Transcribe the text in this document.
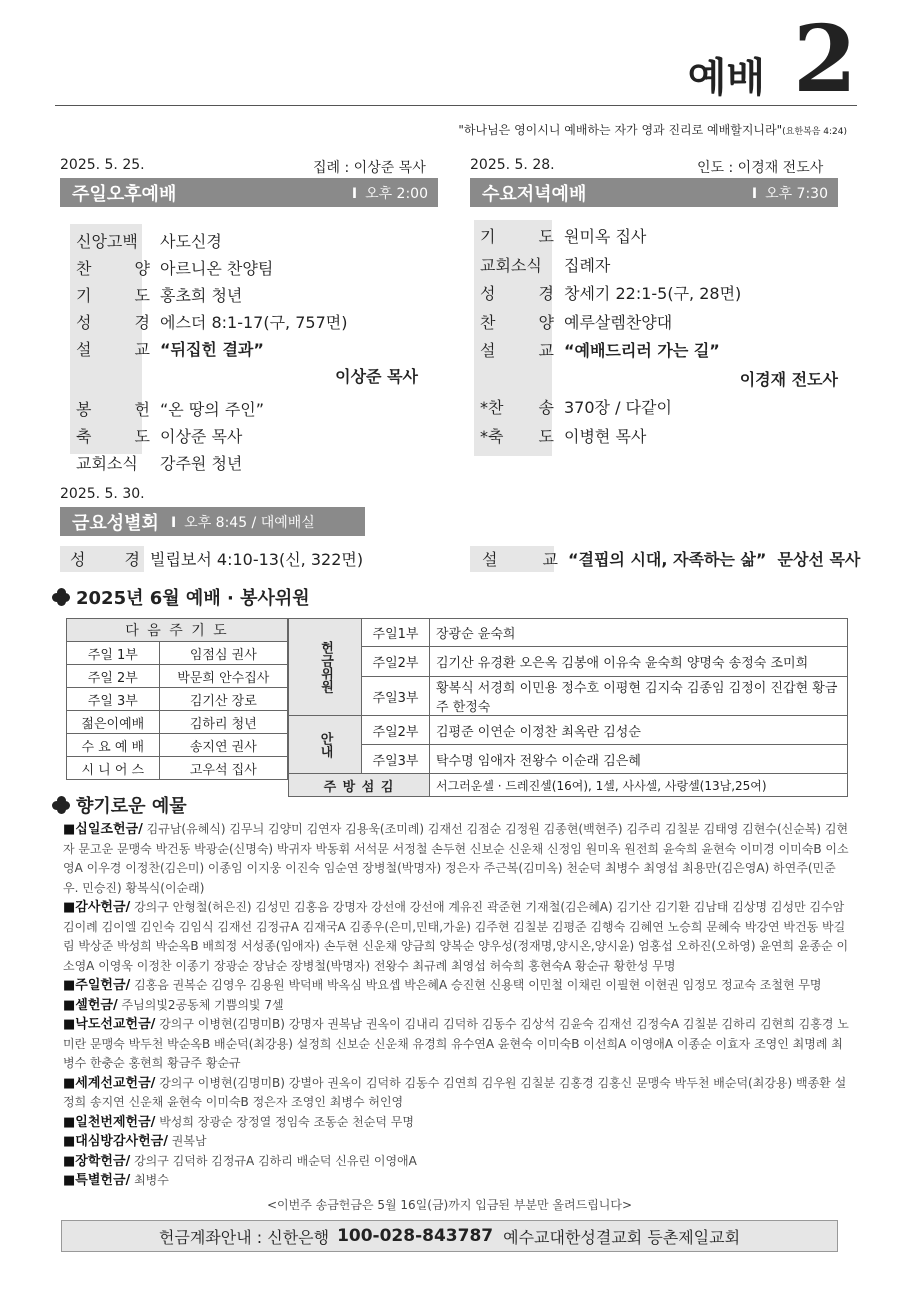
예배 2
"하나님은 영이시니 예배하는 자가 영과 진리로 예배할지니라"(요한복음 4:24)
2025. 5. 25.	집례 : 이상준 목사
주일오후예배	I 오후 2:00
신앙고백	사도신경
찬 양 아르니온 찬양팀
기 도 홍초희 청년
성 경 에스더 8:1-17(구, 757면)
설 교 “뒤집힌 결과”
이상준 목사
봉 헌 “온 땅의 주인”
축 도 이상준 목사
교회소식	강주원 청년
2025. 5. 28.	인도 : 이경재 전도사
수요저녁예배	I 오후 7:30
기 도 원미옥 집사
교회소식	집례자
성 경 창세기 22:1-5(구, 28면)
찬 양 예루살렘찬양대
설 교 “예배드리러 가는 길”
이경재 전도사
*찬 송 370장 / 다같이
*축 도 이병현 목사
2025. 5. 30.
금요성별회 I 오후 8:45 / 대예배실
성 경 빌립보서 4:10-13(신, 322면)	설 교 “결핍의 시대, 자족하는 삶” 문상선 목사
2025년 6월 예배 · 봉사위원
다 음 주 기 도	
주일 1부	임점심 권사
주일 2부	박문희 안수집사
주일 3부	김기산 장로
젊은이예배	김하리 청년
수 요 예 배	송지연 권사
시 니 어 스	고우석 집사
헌금위원	주일1부	장광순 윤숙희
	주일2부	김기산 유경환 오은옥 김봉애 이유숙 윤숙희 양명숙 송정숙 조미희
	주일3부	황복식 서경희 이민용 정수호 이평현 김지숙 김종임 김정이 진갑현 황금주 한정숙
안내	주일2부	김평준 이연순 이정찬 최옥란 김성순
	주일3부	탁수명 임애자 전왕수 이순래 김은혜
주 방 섬 김		서그러운셀 · 드레진셀(16여), 1셀, 사사셀, 사랑셀(13남,25여)
향기로운 예물

■십일조헌금/ 김규남(유혜식) 김무늬 김양미 김연자 김용욱(조미례) 김재선 김점순 김정원 김종현(백현주) 김주리 김칠분 김태영 김현수(신순복) 김현자 문고운 문맹숙 박건동 박광순(신명숙) 박귀자 박동휘 서석문 서정철 손두현 신보순 신운채 신정임 원미옥 원전희 윤숙희 윤현숙 이미경 이미숙B 이소영A 이우경 이정찬(김은미) 이종임 이지웅 이진숙 임순연 장병철(박명자) 정은자 주근복(김미옥) 천순덕 최병수 최영섭 최용만(김은영A) 하연주(민준우. 민승진) 황복식(이순래)

■감사헌금/ 강의구 안형철(허은진) 김성민 김홍음 강명자 강선애 강선애 계유진 곽준현 기재철(김은혜A) 김기산 김기환 김남태 김상명 김성만 김수암 김이례 김이엘 김인숙 김임식 김재선 김정규A 김재국A 김종우(은미,민태,가윤) 김주현 김칠분 김평준 김행숙 김혜연 노승희 문혜숙 박강연 박건동 박길림 박상준 박성희 박순옥B 배희정 서성종(임애자) 손두현 신운채 양금희 양복순 양우성(정재명,양시온,양시윤) 엄홍섭 오하진(오하영) 윤연희 윤종순 이소영A 이영욱 이정찬 이종기 장광순 장남순 장병철(박명자) 전왕수 최규례 최영섭 허숙희 홍현숙A 황순규 황한성 무명

■주일헌금/ 김홍음 권복순 김영우 김용원 박덕배 박옥심 박요셉 박은혜A 승진현 신용택 이민철 이채린 이필현 이현권 임정모 정교숙 조철현 무명

■셀헌금/ 주님의빛2공동체 기쁨의빛 7셀

■낙도선교헌금/ 강의구 이병현(김명미B) 강명자 권복남 권옥이 김내리 김덕하 김동수 김상석 김윤숙 김재선 김정숙A 김칠분 김하리 김현희 김홍경 노미란 문맹숙 박두천 박순옥B 배순덕(최강용) 설정희 신보순 신운채 유경희 유수연A 윤현숙 이미숙B 이선희A 이영애A 이종순 이효자 조영인 최명례 최병수 한충순 홍현희 황금주 황순규

■세계선교헌금/ 강의구 이병현(김명미B) 강별아 권옥이 김덕하 김동수 김연희 김우원 김칠분 김홍경 김홍신 문맹숙 박두천 배순덕(최강용) 백종환 설정희 송지연 신운채 윤현숙 이미숙B 정은자 조영인 최병수 허인영

■일천번제헌금/ 박성희 장광순 장정열 정임숙 조동순 천순덕 무명

■대심방감사헌금/ 권복남

■장학헌금/ 강의구 김덕하 김정규A 김하리 배순덕 신유린 이영애A

■특별헌금/ 최병수

<이번주 송금헌금은 5월 16일(금)까지 입금된 부분만 올려드립니다>
헌금계좌안내 : 신한은행 100-028-843787 예수교대한성결교회 등촌제일교회
